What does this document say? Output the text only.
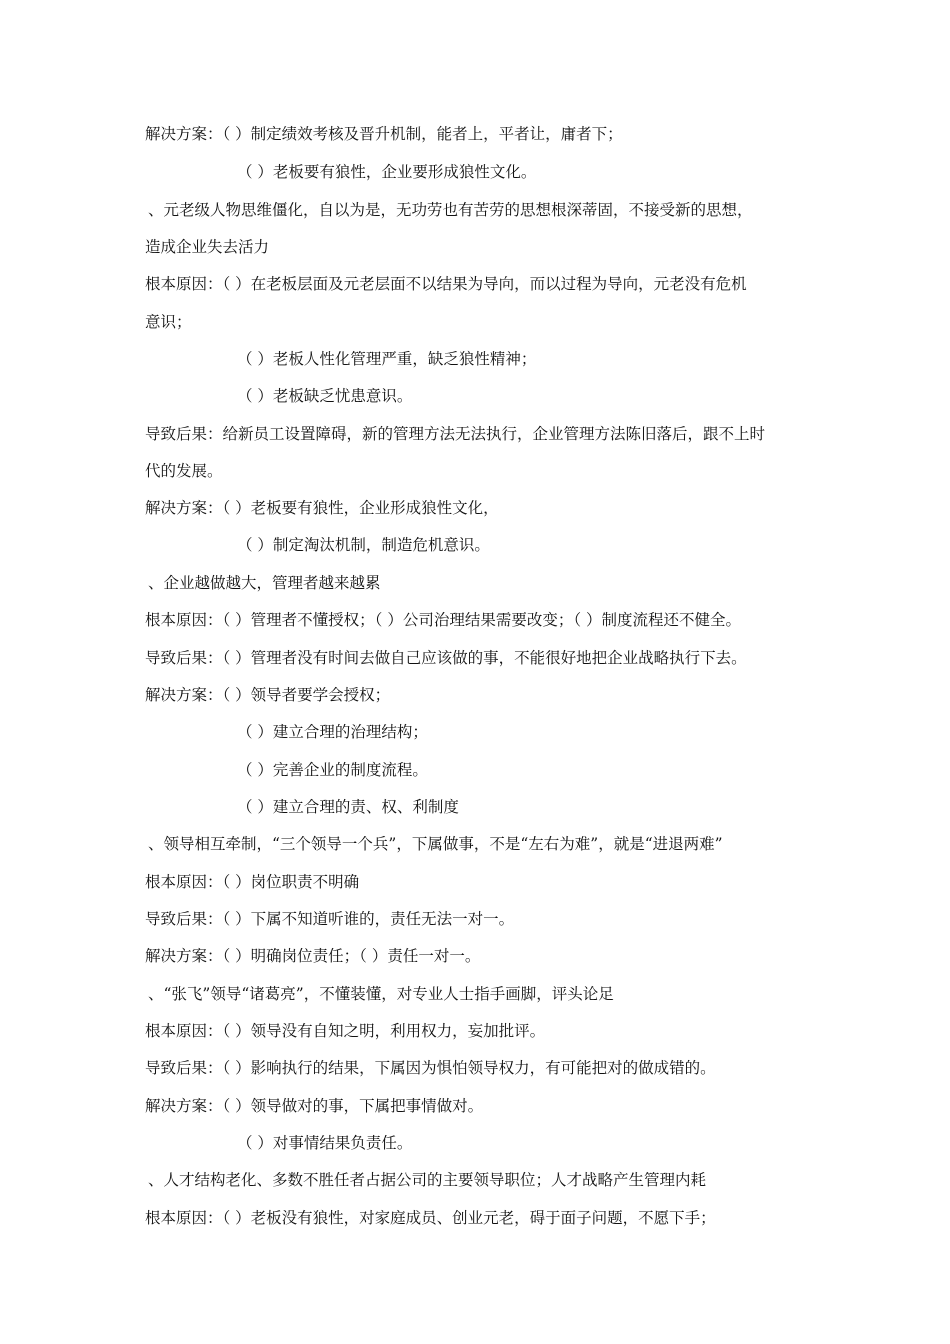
解决方案：（ ）制定绩效考核及晋升机制，能者上，平者让，庸者下；
（ ）老板要有狼性，企业要形成狼性文化。
、元老级人物思维僵化，自以为是，无功劳也有苦劳的思想根深蒂固，不接受新的思想，
造成企业失去活力
根本原因：（ ）在老板层面及元老层面不以结果为导向，而以过程为导向，元老没有危机
意识；
（ ）老板人性化管理严重，缺乏狼性精神；
（ ）老板缺乏忧患意识。
导致后果：给新员工设置障碍，新的管理方法无法执行，企业管理方法陈旧落后，跟不上时
代的发展。
解决方案：（ ）老板要有狼性，企业形成狼性文化，
（ ）制定淘汰机制，制造危机意识。
、企业越做越大，管理者越来越累
根本原因：（ ）管理者不懂授权；（ ）公司治理结果需要改变；（ ）制度流程还不健全。
导致后果：（ ）管理者没有时间去做自己应该做的事，不能很好地把企业战略执行下去。
解决方案：（ ）领导者要学会授权；
（ ）建立合理的治理结构；
（ ）完善企业的制度流程。
（ ）建立合理的责、权、利制度
、领导相互牵制，“三个领导一个兵”，下属做事，不是“左右为难”，就是“进退两难”
根本原因：（ ）岗位职责不明确
导致后果：（ ）下属不知道听谁的，责任无法一对一。
解决方案：（ ）明确岗位责任；（ ）责任一对一。
、“张飞”领导“诸葛亮”，不懂装懂，对专业人士指手画脚，评头论足
根本原因：（ ）领导没有自知之明，利用权力，妄加批评。
导致后果：（ ）影响执行的结果，下属因为惧怕领导权力，有可能把对的做成错的。
解决方案：（ ）领导做对的事，下属把事情做对。
（ ）对事情结果负责任。
、人才结构老化、多数不胜任者占据公司的主要领导职位；人才战略产生管理内耗
根本原因：（ ）老板没有狼性，对家庭成员、创业元老，碍于面子问题，不愿下手；
